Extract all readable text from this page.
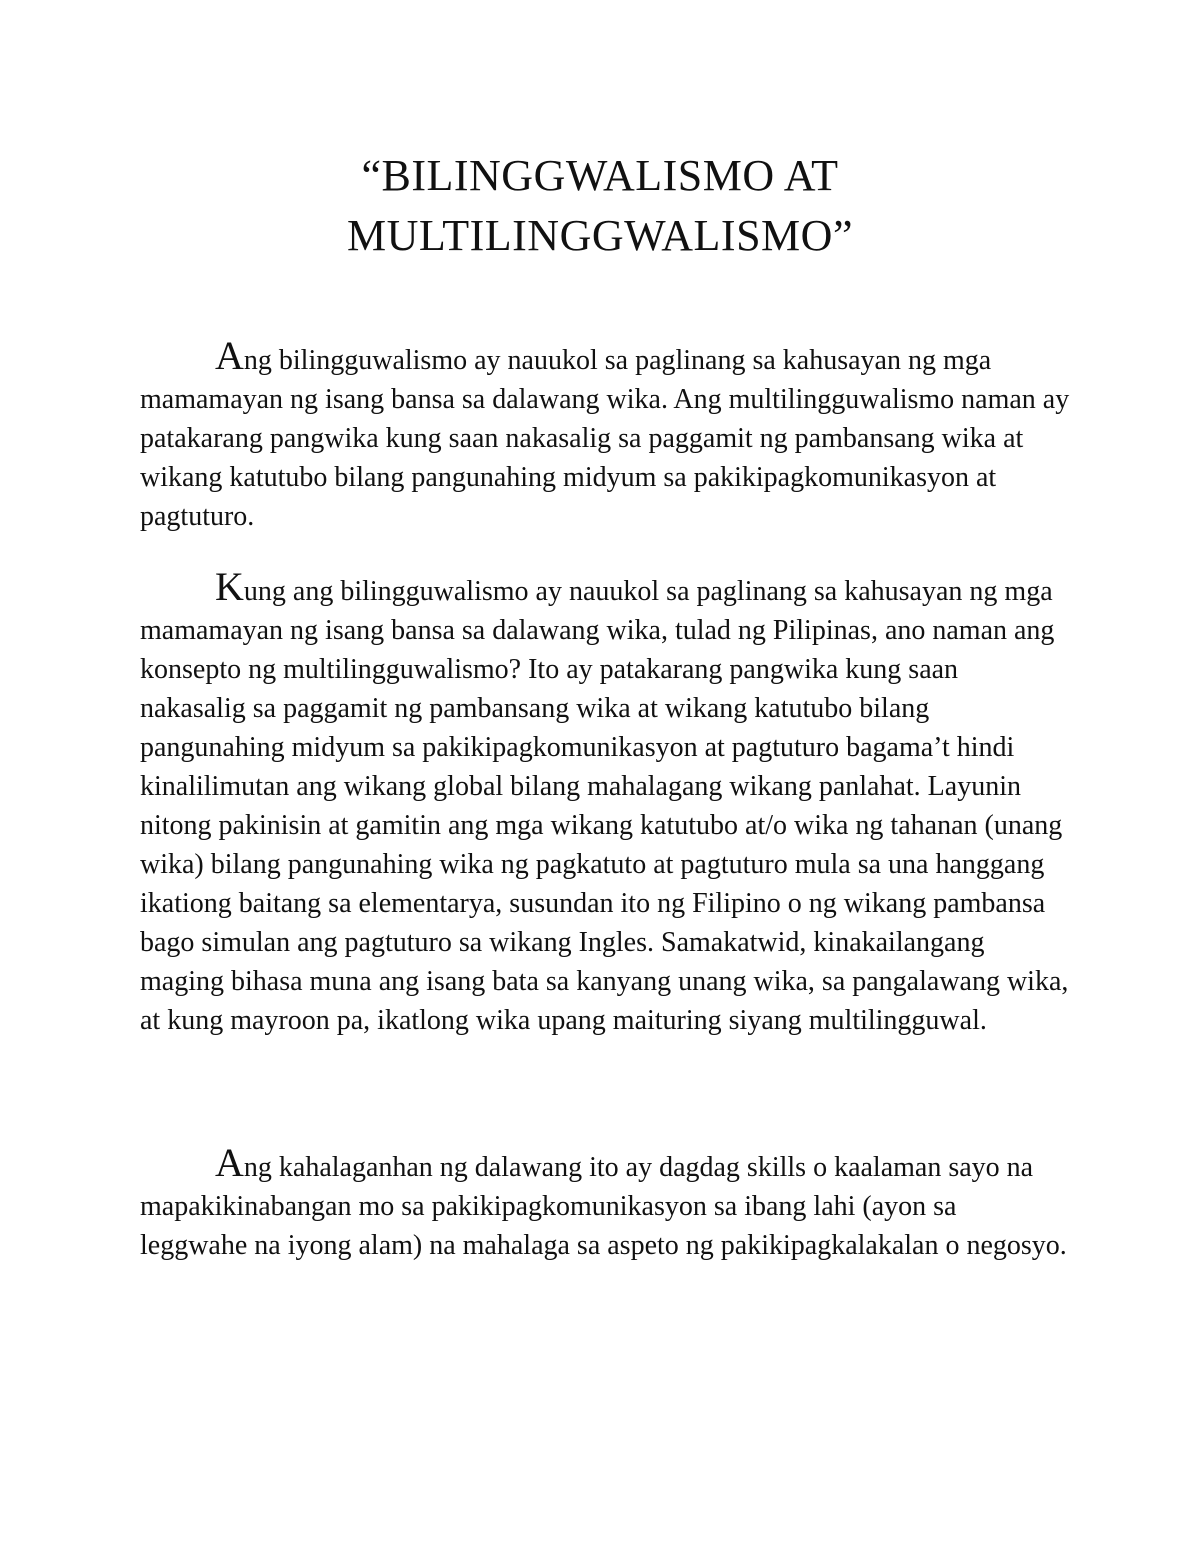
“BILINGGWALISMO AT
MULTILINGGWALISMO”

Ang bilingguwalismo ay nauukol sa paglinang sa kahusayan ng mga mamamayan ng isang bansa sa dalawang wika. Ang multilingguwalismo naman ay patakarang pangwika kung saan nakasalig sa paggamit ng pambansang wika at wikang katutubo bilang pangunahing midyum sa pakikipagkomunikasyon at pagtuturo.

Kung ang bilingguwalismo ay nauukol sa paglinang sa kahusayan ng mga mamamayan ng isang bansa sa dalawang wika, tulad ng Pilipinas, ano naman ang konsepto ng multilingguwalismo? Ito ay patakarang pangwika kung saan nakasalig sa paggamit ng pambansang wika at wikang katutubo bilang pangunahing midyum sa pakikipagkomunikasyon at pagtuturo bagama’t hindi kinalilimutan ang wikang global bilang mahalagang wikang panlahat. Layunin nitong pakinisin at gamitin ang mga wikang katutubo at/o wika ng tahanan (unang wika) bilang pangunahing wika ng pagkatuto at pagtuturo mula sa una hanggang ikationg baitang sa elementarya, susundan ito ng Filipino o ng wikang pambansa bago simulan ang pagtuturo sa wikang Ingles. Samakatwid, kinakailangang maging bihasa muna ang isang bata sa kanyang unang wika, sa pangalawang wika, at kung mayroon pa, ikatlong wika upang maituring siyang multilingguwal.

Ang kahalaganhan ng dalawang ito ay dagdag skills o kaalaman sayo na mapakikinabangan mo sa pakikipagkomunikasyon sa ibang lahi (ayon sa leggwahe na iyong alam) na mahalaga sa aspeto ng pakikipagkalakalan o negosyo.
